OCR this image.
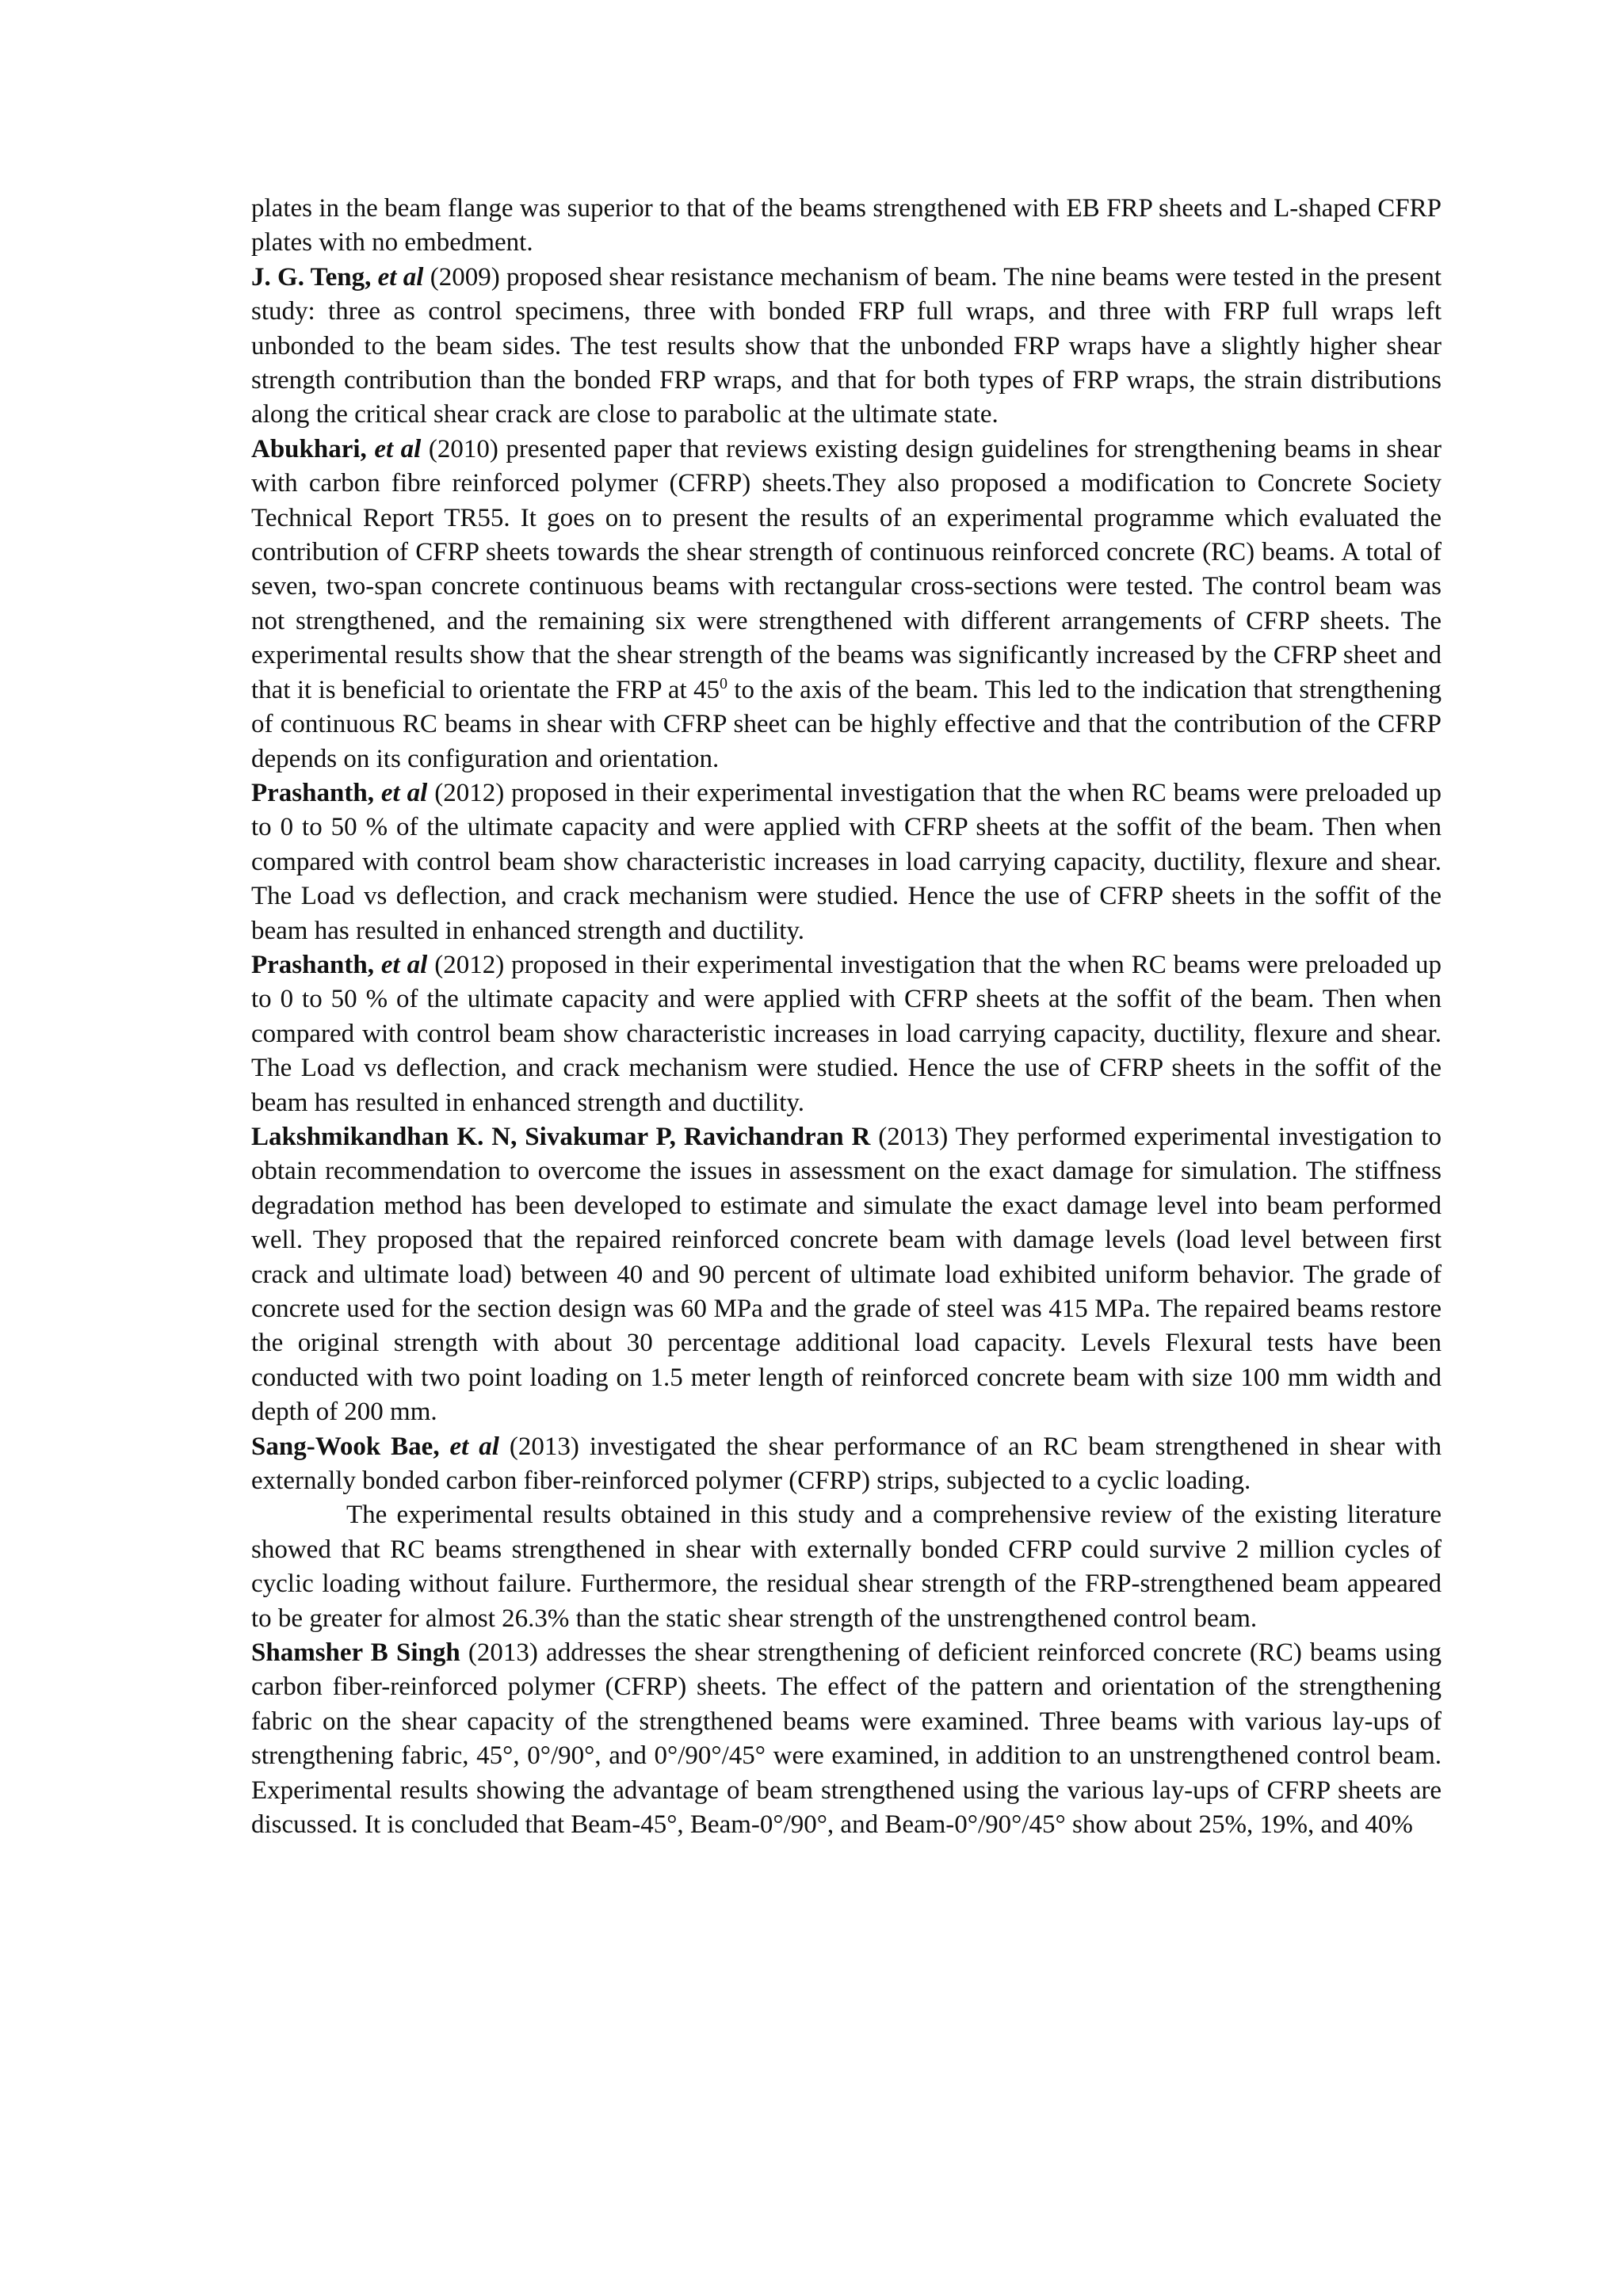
plates in the beam flange was superior to that of the beams strengthened with EB FRP sheets and L-shaped CFRP plates with no embedment.

J. G. Teng, et al (2009) proposed shear resistance mechanism of beam. The nine beams were tested in the present study: three as control specimens, three with bonded FRP full wraps, and three with FRP full wraps left unbonded to the beam sides. The test results show that the unbonded FRP wraps have a slightly higher shear strength contribution than the bonded FRP wraps, and that for both types of FRP wraps, the strain distributions along the critical shear crack are close to parabolic at the ultimate state.

Abukhari, et al (2010) presented paper that reviews existing design guidelines for strengthening beams in shear with carbon fibre reinforced polymer (CFRP) sheets.They also proposed a modification to Concrete Society Technical Report TR55. It goes on to present the results of an experimental programme which evaluated the contribution of CFRP sheets towards the shear strength of continuous reinforced concrete (RC) beams. A total of seven, two-span concrete continuous beams with rectangular cross-sections were tested. The control beam was not strengthened, and the remaining six were strengthened with different arrangements of CFRP sheets. The experimental results show that the shear strength of the beams was significantly increased by the CFRP sheet and that it is beneficial to orientate the FRP at $45^0$ to the axis of the beam. This led to the indication that strengthening of continuous RC beams in shear with CFRP sheet can be highly effective and that the contribution of the CFRP depends on its configuration and orientation.

Prashanth, et al (2012) proposed in their experimental investigation that the when RC beams were preloaded up to 0 to 50 % of the ultimate capacity and were applied with CFRP sheets at the soffit of the beam. Then when compared with control beam show characteristic increases in load carrying capacity, ductility, flexure and shear. The Load vs deflection, and crack mechanism were studied. Hence the use of CFRP sheets in the soffit of the beam has resulted in enhanced strength and ductility.

Prashanth, et al (2012) proposed in their experimental investigation that the when RC beams were preloaded up to 0 to 50 % of the ultimate capacity and were applied with CFRP sheets at the soffit of the beam. Then when compared with control beam show characteristic increases in load carrying capacity, ductility, flexure and shear. The Load vs deflection, and crack mechanism were studied. Hence the use of CFRP sheets in the soffit of the beam has resulted in enhanced strength and ductility.

Lakshmikandhan K. N, Sivakumar P, Ravichandran R (2013) They performed experimental investigation to obtain recommendation to overcome the issues in assessment on the exact damage for simulation. The stiffness degradation method has been developed to estimate and simulate the exact damage level into beam performed well. They proposed that the repaired reinforced concrete beam with damage levels (load level between first crack and ultimate load) between 40 and 90 percent of ultimate load exhibited uniform behavior. The grade of concrete used for the section design was 60 MPa and the grade of steel was 415 MPa. The repaired beams restore the original strength with about 30 percentage additional load capacity. Levels Flexural tests have been conducted with two point loading on 1.5 meter length of reinforced concrete beam with size 100 mm width and depth of 200 mm.

Sang-Wook Bae, et al (2013) investigated the shear performance of an RC beam strengthened in shear with externally bonded carbon fiber-reinforced polymer (CFRP) strips, subjected to a cyclic loading.

The experimental results obtained in this study and a comprehensive review of the existing literature showed that RC beams strengthened in shear with externally bonded CFRP could survive 2 million cycles of cyclic loading without failure. Furthermore, the residual shear strength of the FRP-strengthened beam appeared to be greater for almost 26.3% than the static shear strength of the unstrengthened control beam.

Shamsher B Singh (2013) addresses the shear strengthening of deficient reinforced concrete (RC) beams using carbon fiber-reinforced polymer (CFRP) sheets. The effect of the pattern and orientation of the strengthening fabric on the shear capacity of the strengthened beams were examined. Three beams with various lay-ups of strengthening fabric, 45°, 0°/90°, and 0°/90°/45° were examined, in addition to an unstrengthened control beam. Experimental results showing the advantage of beam strengthened using the various lay-ups of CFRP sheets are discussed. It is concluded that Beam-45°, Beam-0°/90°, and Beam-0°/90°/45° show about 25%, 19%, and 40%
